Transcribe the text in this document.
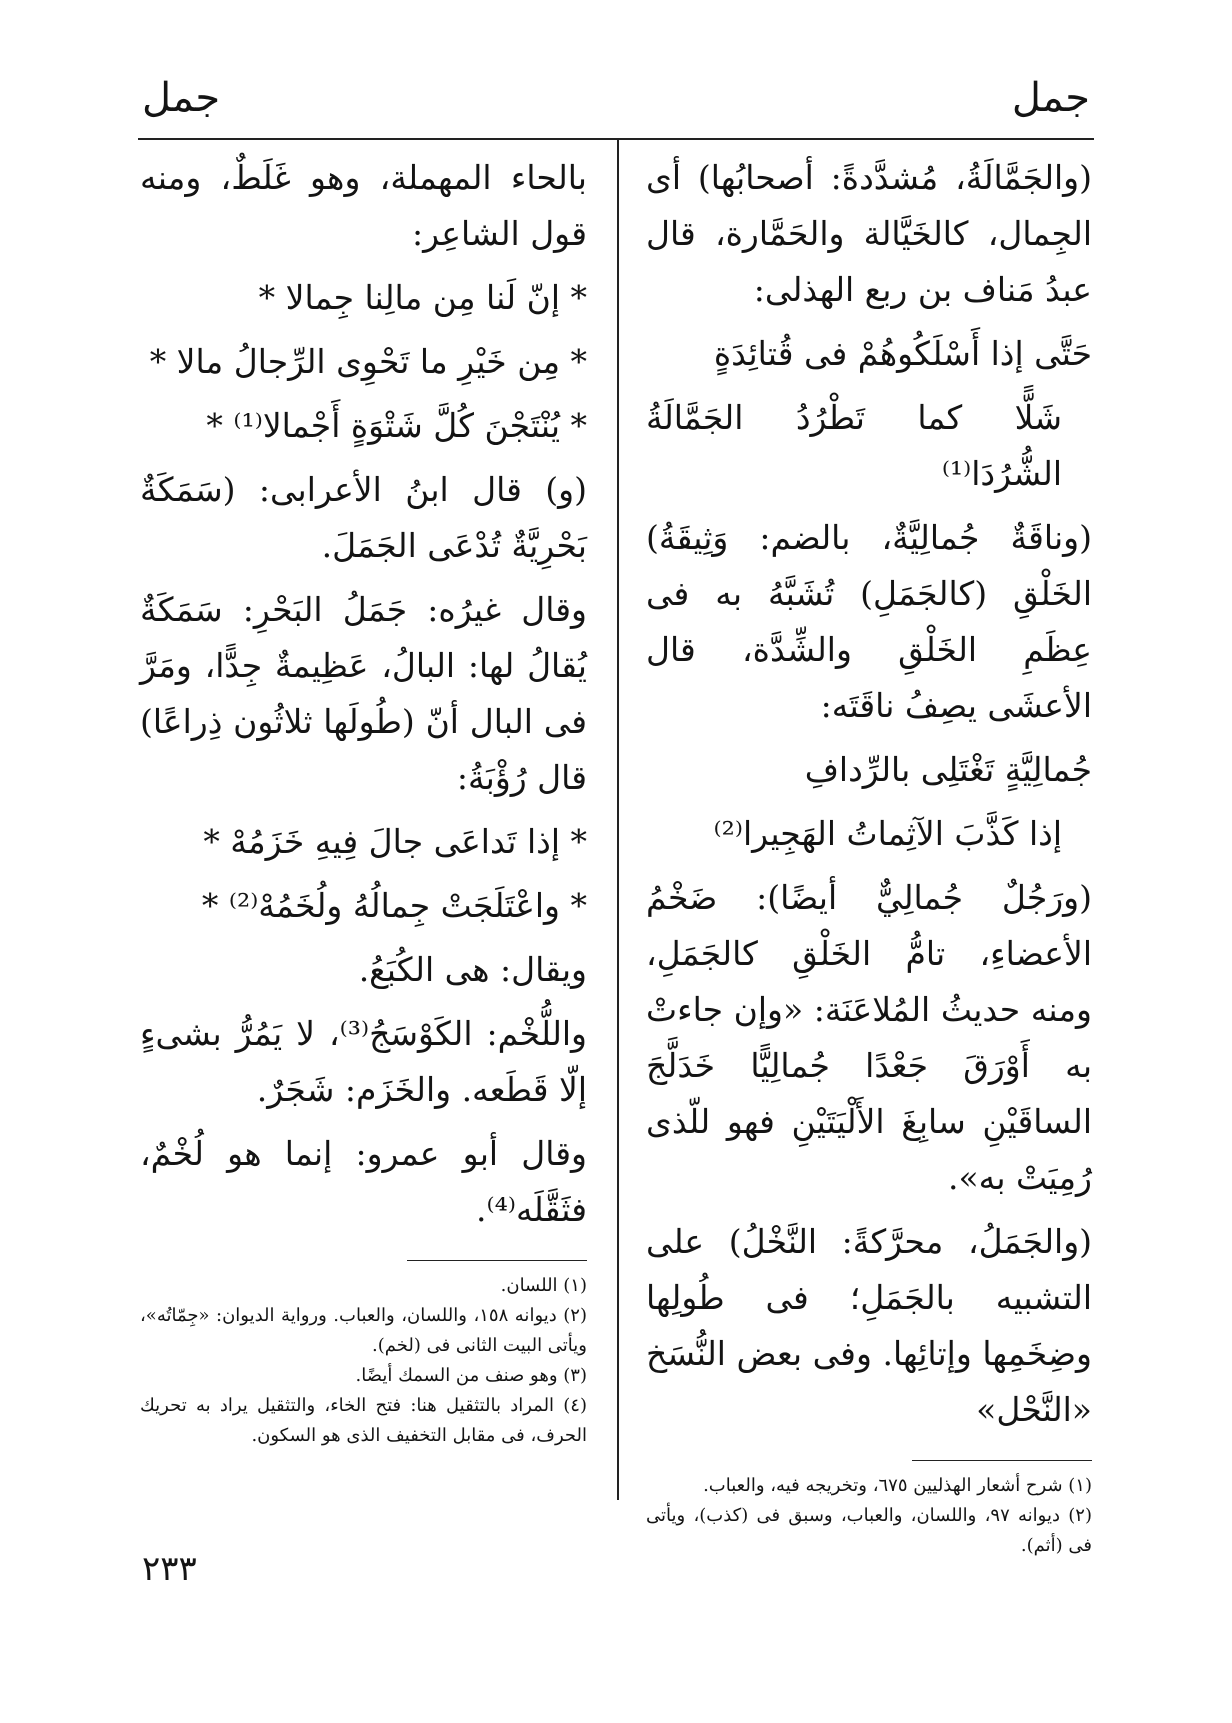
جمل
جمل

(والجَمَّالَةُ، مُشدَّدةً: أصحابُها) أى الجِمال، كالخَيَّالة والحَمَّارة، قال عبدُ مَناف بن ربع الهذلى:

حَتَّى إذا أَسْلَكُوهُمْ فى قُتائِدَةٍ

شَلًّا كما تَطْرُدُ الجَمَّالَةُ الشُّرُدَا⁽¹⁾

(وناقَةٌ جُمالِيَّةٌ، بالضم: وَثِيقَةُ) الخَلْقِ (كالجَمَلِ) تُشَبَّهُ به فى عِظَمِ الخَلْقِ والشِّدَّة، قال الأعشَى يصِفُ ناقَتَه:

جُمالِيَّةٍ تَغْتَلِى بالرِّدافِ

إذا كَذَّبَ الآثِماتُ الهَجِيرا⁽²⁾

(ورَجُلٌ جُمالِيٌّ أيضًا): ضَخْمُ الأعضاءِ، تامُّ الخَلْقِ كالجَمَلِ، ومنه حديثُ المُلاعَنَة: «وإن جاءتْ به أَوْرَقَ جَعْدًا جُمالِيًّا خَدَلَّجَ الساقَيْنِ سابِغَ الأَلْيَتَيْنِ فهو للّذى رُمِيَتْ به».

(والجَمَلُ، محرَّكةً: النَّخْلُ) على التشبيه بالجَمَلِ؛ فى طُولِها وضِخَمِها وإتائِها. وفى بعض النُّسَخ «النَّحْل»

(١) شرح أشعار الهذليين ٦٧٥، وتخريجه فيه، والعباب.

(٢) ديوانه ٩٧، واللسان، والعباب، وسبق فى (كذب)، ويأتى فى (أثم).

بالحاء المهملة، وهو غَلَطٌ، ومنه قول الشاعِر:

* إنّ لَنا مِن مالِنا جِمالا *

* مِن خَيْرِ ما تَحْوِى الرِّجالُ مالا *

* يُنْتَجْنَ كُلَّ شَتْوَةٍ أَجْمالا⁽¹⁾ *

(و) قال ابنُ الأعرابى: (سَمَكَةٌ بَحْرِيَّةٌ تُدْعَى الجَمَلَ.

وقال غيرُه: جَمَلُ البَحْرِ: سَمَكَةٌ يُقالُ لها: البالُ، عَظِيمةٌ جِدًّا، ومَرَّ فى البال أنّ (طُولَها ثلاثُون ذِراعًا) قال رُؤْبَةُ:

* إذا تَداعَى جالَ فِيهِ خَزَمُهْ *

* واعْتَلَجَتْ جِمالُهُ ولُخَمُهْ⁽²⁾ *

ويقال: هى الكُبَعُ.

واللُّخْم: الكَوْسَجُ⁽³⁾، لا يَمُرُّ بشىءٍ إلّا قَطَعه. والخَزَم: شَجَرٌ.

وقال أبو عمرو: إنما هو لُخْمٌ، فثَقَّلَه⁽⁴⁾.

(١) اللسان.

(٢) ديوانه ١٥٨، واللسان، والعباب. ورواية الديوان: «جِمّاتُه»، ويأتى البيت الثانى فى (لخم).

(٣) وهو صنف من السمك أيضًا.

(٤) المراد بالتثقيل هنا: فتح الخاء، والتثقيل يراد به تحريك الحرف، فى مقابل التخفيف الذى هو السكون.

٢٣٣
